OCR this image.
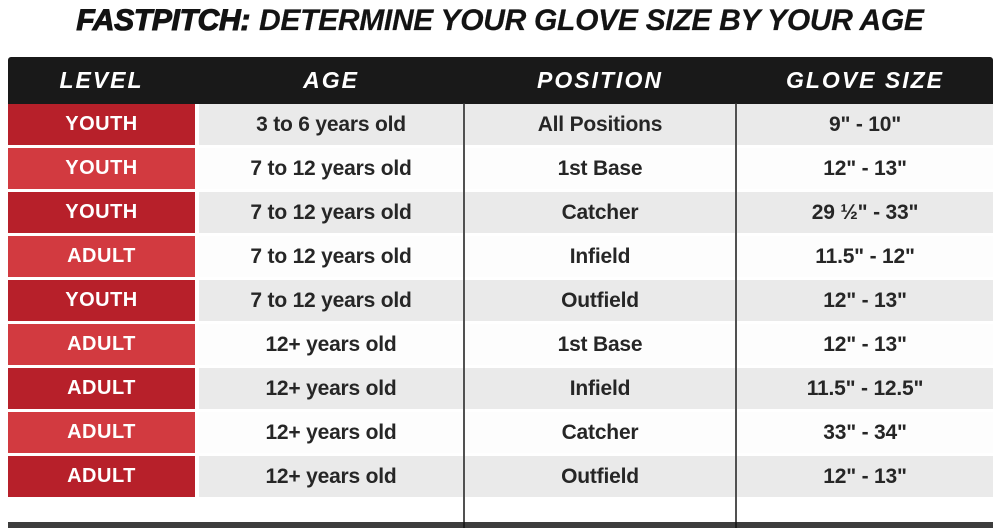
FASTPITCH: DETERMINE YOUR GLOVE SIZE BY YOUR AGE
LEVEL	AGE	POSITION	GLOVE SIZE
YOUTH	3 to 6 years old	All Positions	9" - 10"
YOUTH	7 to 12 years old	1st Base	12" - 13"
YOUTH	7 to 12 years old	Catcher	29 ½" - 33"
ADULT	7 to 12 years old	Infield	11.5" - 12"
YOUTH	7 to 12 years old	Outfield	12" - 13"
ADULT	12+ years old	1st Base	12" - 13"
ADULT	12+ years old	Infield	11.5" - 12.5"
ADULT	12+ years old	Catcher	33" - 34"
ADULT	12+ years old	Outfield	12" - 13"
